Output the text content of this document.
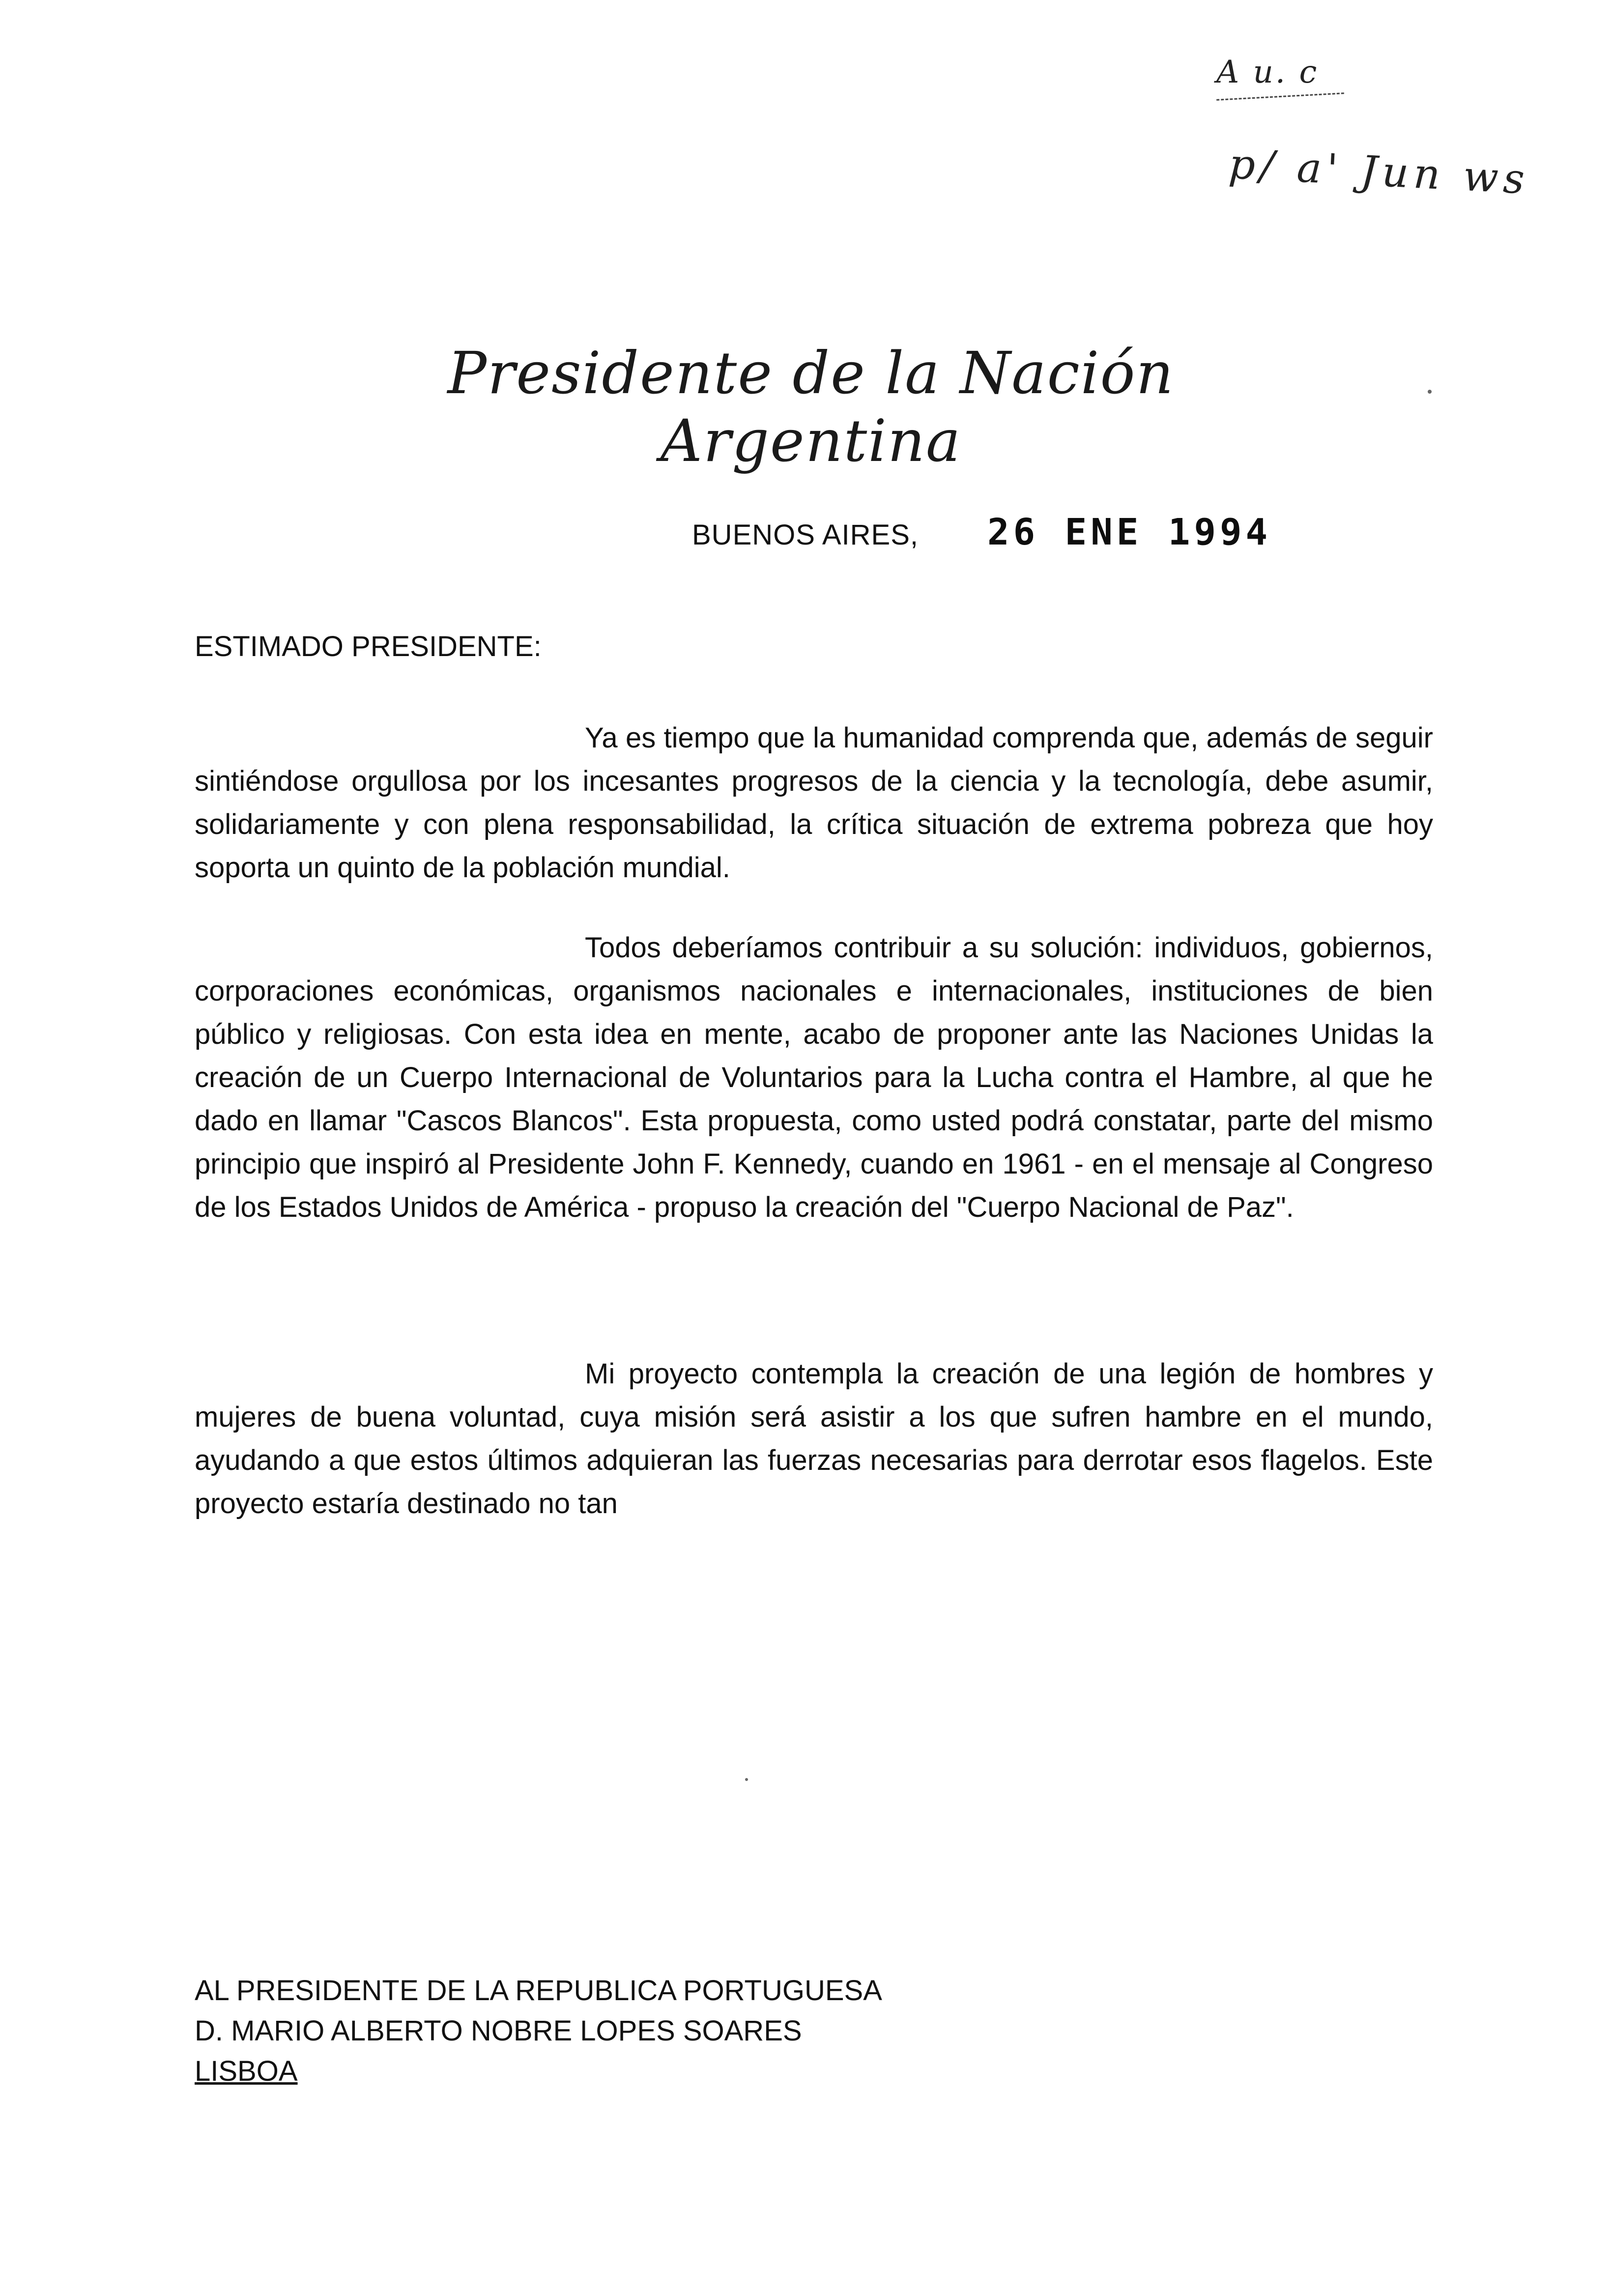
A u. c
p/ a' Jun ws
Presidente de la Nación Argentina
BUENOS AIRES, 26 ENE 1994
ESTIMADO PRESIDENTE:

Ya es tiempo que la humanidad comprenda que, además de seguir sintiéndose orgullosa por los incesantes progresos de la ciencia y la tecnología, debe asumir, solidariamente y con plena responsabilidad, la crítica situación de extrema pobreza que hoy soporta un quinto de la población mundial.

Todos deberíamos contribuir a su solución: individuos, gobiernos, corporaciones económicas, organismos nacionales e internacionales, instituciones de bien público y religiosas. Con esta idea en mente, acabo de proponer ante las Naciones Unidas la creación de un Cuerpo Internacional de Voluntarios para la Lucha contra el Hambre, al que he dado en llamar "Cascos Blancos". Esta propuesta, como usted podrá constatar, parte del mismo principio que inspiró al Presidente John F. Kennedy, cuando en 1961 - en el mensaje al Congreso de los Estados Unidos de América - propuso la creación del "Cuerpo Nacional de Paz".

Mi proyecto contempla la creación de una legión de hombres y mujeres de buena voluntad, cuya misión será asistir a los que sufren hambre en el mundo, ayudando a que estos últimos adquieran las fuerzas necesarias para derrotar esos flagelos. Este proyecto estaría destinado no tan

AL PRESIDENTE DE LA REPUBLICA PORTUGUESA
D. MARIO ALBERTO NOBRE LOPES SOARES
LISBOA
